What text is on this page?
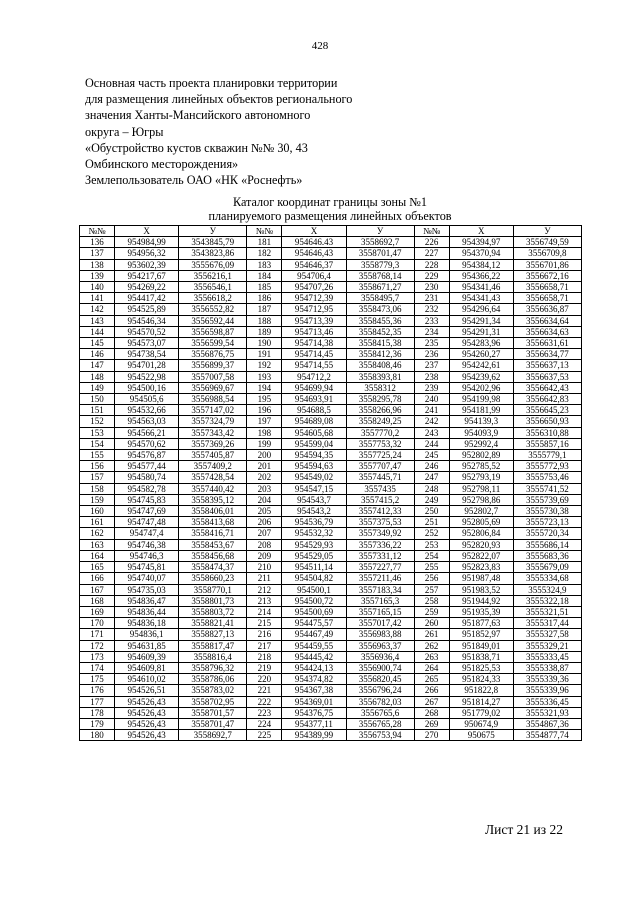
428
Основная часть проекта планировки территории
для размещения линейных объектов регионального
значения Ханты-Мансийского автономного
округа – Югры
«Обустройство кустов скважин №№ 30, 43
Омбинского месторождения»
Землепользователь ОАО «НК «Роснефть»
Каталог координат границы зоны №1
планируемого размещения линейных объектов
№№	X	У	№№	X	У	№№	X	У
136	954984,99	3543845,79	181	954646.43	3558692,7	226	954394,97	3556749,59
137	954956,32	3543823,86	182	954646,43	3558701,47	227	954370,94	3556709,8
138	953602,39	3555676,09	183	954646,37	3558779,3	228	954384,12	3556701,86
139	954217,67	3556216,1	184	954706,4	3558768,14	229	954366,22	3556672,16
140	954269,22	3556546,1	185	954707,26	3558671,27	230	954341,46	3556658,71
141	954417,42	3556618,2	186	954712,39	3558495,7	231	954341,43	3556658,71
142	954525,89	3556552,82	187	954712,95	3558473,06	232	954296,64	3556636,87
143	954546,34	3556592,44	188	954713,39	3558455,36	233	954291,34	3556634,64
144	954570,52	3556598,87	189	954713,46	3558452,35	234	954291,31	3556634,63
145	954573,07	3556599,54	190	954714,38	3558415,38	235	954283,96	3556631,61
146	954738,54	3556876,75	191	954714,45	3558412,36	236	954260,27	3556634,77
147	954701,28	3556899,37	192	954714,55	3558408,46	237	954242,61	3556637,13
148	954522,98	3557007,58	193	954712,2	3558393,81	238	954239,62	3556637,53
149	954500,16	3556969,67	194	954699,94	3558312	239	954202,96	3556642,43
150	954505,6	3556988,54	195	954693,91	3558295,78	240	954199,98	3556642,83
151	954532,66	3557147,02	196	954688,5	3558266,96	241	954181,99	3556645,23
152	954563,03	3557324,79	197	954689,08	3558249,25	242	954139,3	3556650,93
153	954566,21	3557343,42	198	954605,68	3557770,2	243	954093,9	3556310,88
154	954570,62	3557369,26	199	954599,04	3557753,32	244	952992,4	3555857,16
155	954576,87	3557405,87	200	954594,35	3557725,24	245	952802,89	3555779,1
156	954577,44	3557409,2	201	954594,63	3557707,47	246	952785,52	3555772,93
157	954580,74	3557428,54	202	954549,02	3557445,71	247	952793,19	3555753,46
158	954582,78	3557440,42	203	954547,15	3557435	248	952798,11	3555741,52
159	954745,83	3558395,12	204	954543,7	3557415,2	249	952798,86	3555739,69
160	954747,69	3558406,01	205	954543,2	3557412,33	250	952802,7	3555730,38
161	954747,48	3558413,68	206	954536,79	3557375,53	251	952805,69	3555723,13
162	954747,4	3558416,71	207	954532,32	3557349,92	252	952806,84	3555720,34
163	954746,38	3558453,67	208	954529,93	3557336,22	253	952820,93	3555686,14
164	954746,3	3558456,68	209	954529,05	3557331,12	254	952822,07	3555683,36
165	954745,81	3558474,37	210	954511,14	3557227,77	255	952823,83	3555679,09
166	954740,07	3558660,23	211	954504,82	3557211,46	256	951987,48	3555334,68
167	954735,03	3558770,1	212	954500,1	3557183,34	257	951983,52	3555324,9
168	954836,47	3558801,73	213	954500,72	3557165,3	258	951944,92	3555322,18
169	954836,44	3558803,72	214	954500,69	3557165,15	259	951935,39	3555321,51
170	954836,18	3558821,41	215	954475,57	3557017,42	260	951877,63	3555317,44
171	954836,1	3558827,13	216	954467,49	3556983,88	261	951852,97	3555327,58
172	954631,85	3558817,47	217	954459,55	3556963,37	262	951849,01	3555329,21
173	954609,39	3558816,4	218	954445,42	3556936,4	263	951838,71	3555333,45
174	954609,81	3558796,32	219	954424,13	3556900,74	264	951825,53	3555338,87
175	954610,02	3558786,06	220	954374,82	3556820,45	265	951824,33	3555339,36
176	954526,51	3558783,02	221	954367,38	3556796,24	266	951822,8	3555339,96
177	954526,43	3558702,95	222	954369,01	3556782,03	267	951814,27	3555336,45
178	954526,43	3558701,57	223	954376,75	3556765,6	268	951779,02	3555321,93
179	954526,43	3558701,47	224	954377,11	3556765,28	269	950674,9	3554867,36
180	954526,43	3558692,7	225	954389,99	3556753,94	270	950675	3554877,74
Лист 21 из 22
